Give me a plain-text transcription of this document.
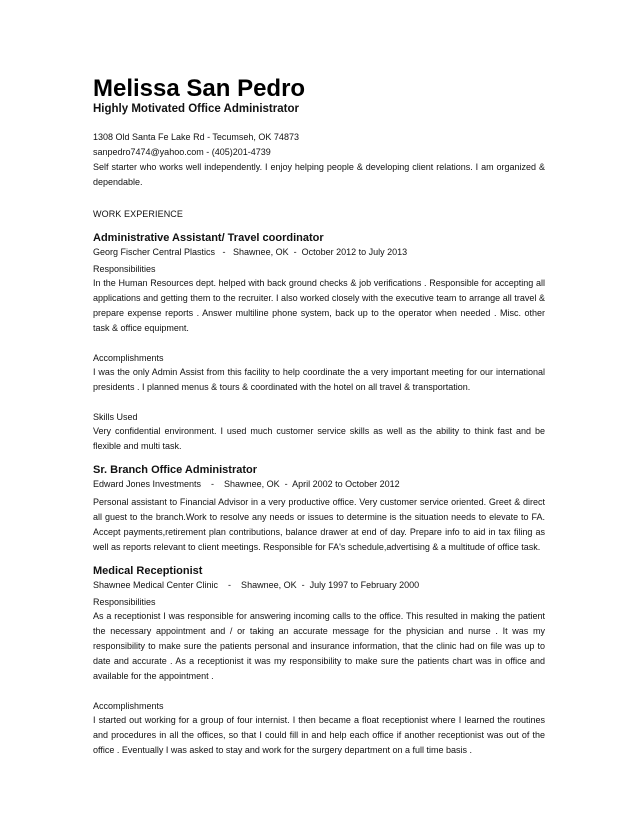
Melissa San Pedro

Highly Motivated Office Administrator

1308 Old Santa Fe Lake Rd - Tecumseh, OK 74873

sanpedro7474@yahoo.com - (405)201-4739

Self starter who works well independently. I enjoy helping people & developing client relations. I am organized & dependable.

WORK EXPERIENCE

Administrative Assistant/ Travel coordinator

Georg Fischer Central Plastics   -   Shawnee, OK  -  October 2012 to July 2013

Responsibilities

In the Human Resources dept. helped with back ground checks & job verifications . Responsible for accepting all applications and getting them to the recruiter. I also worked closely with the executive team to arrange all travel & prepare expense reports . Answer multiline phone system, back up to the operator when needed . Misc. other task & office equipment.

Accomplishments

I was the only Admin Assist from this facility to help coordinate the a very important meeting for our international presidents . I planned menus & tours & coordinated with the hotel on all travel & transportation.

Skills Used

Very confidential environment. I used much customer service skills as well as the ability to think fast and be flexible and multi task.

Sr. Branch Office Administrator

Edward Jones Investments    -    Shawnee, OK  -  April 2002 to October 2012

Personal assistant to Financial Advisor in a very productive office. Very customer service oriented. Greet & direct all guest to the branch.Work to resolve any needs or issues to determine is the situation needs to elevate to FA. Accept payments,retirement plan contributions, balance drawer at end of day. Prepare info to aid in tax filing as well as reports relevant to client meetings. Responsible for FA's schedule,advertising & a multitude of office task.

Medical Receptionist

Shawnee Medical Center Clinic    -    Shawnee, OK  -  July 1997 to February 2000

Responsibilities

As a receptionist I was responsible for answering incoming calls to the office. This resulted in making the patient the necessary appointment and / or taking an accurate message for the physician and nurse . It was my responsibility to make sure the patients personal and insurance information, that the clinic had on file was up to date and accurate . As a receptionist it was my responsibility to make sure the patients chart was in office and available for the appointment .

Accomplishments

I started out working for a group of four internist. I then became a float receptionist where I learned the routines and procedures in all the offices, so that I could fill in and help each office if another receptionist was out of the office . Eventually I was asked to stay and work for the surgery department on a full time basis .
